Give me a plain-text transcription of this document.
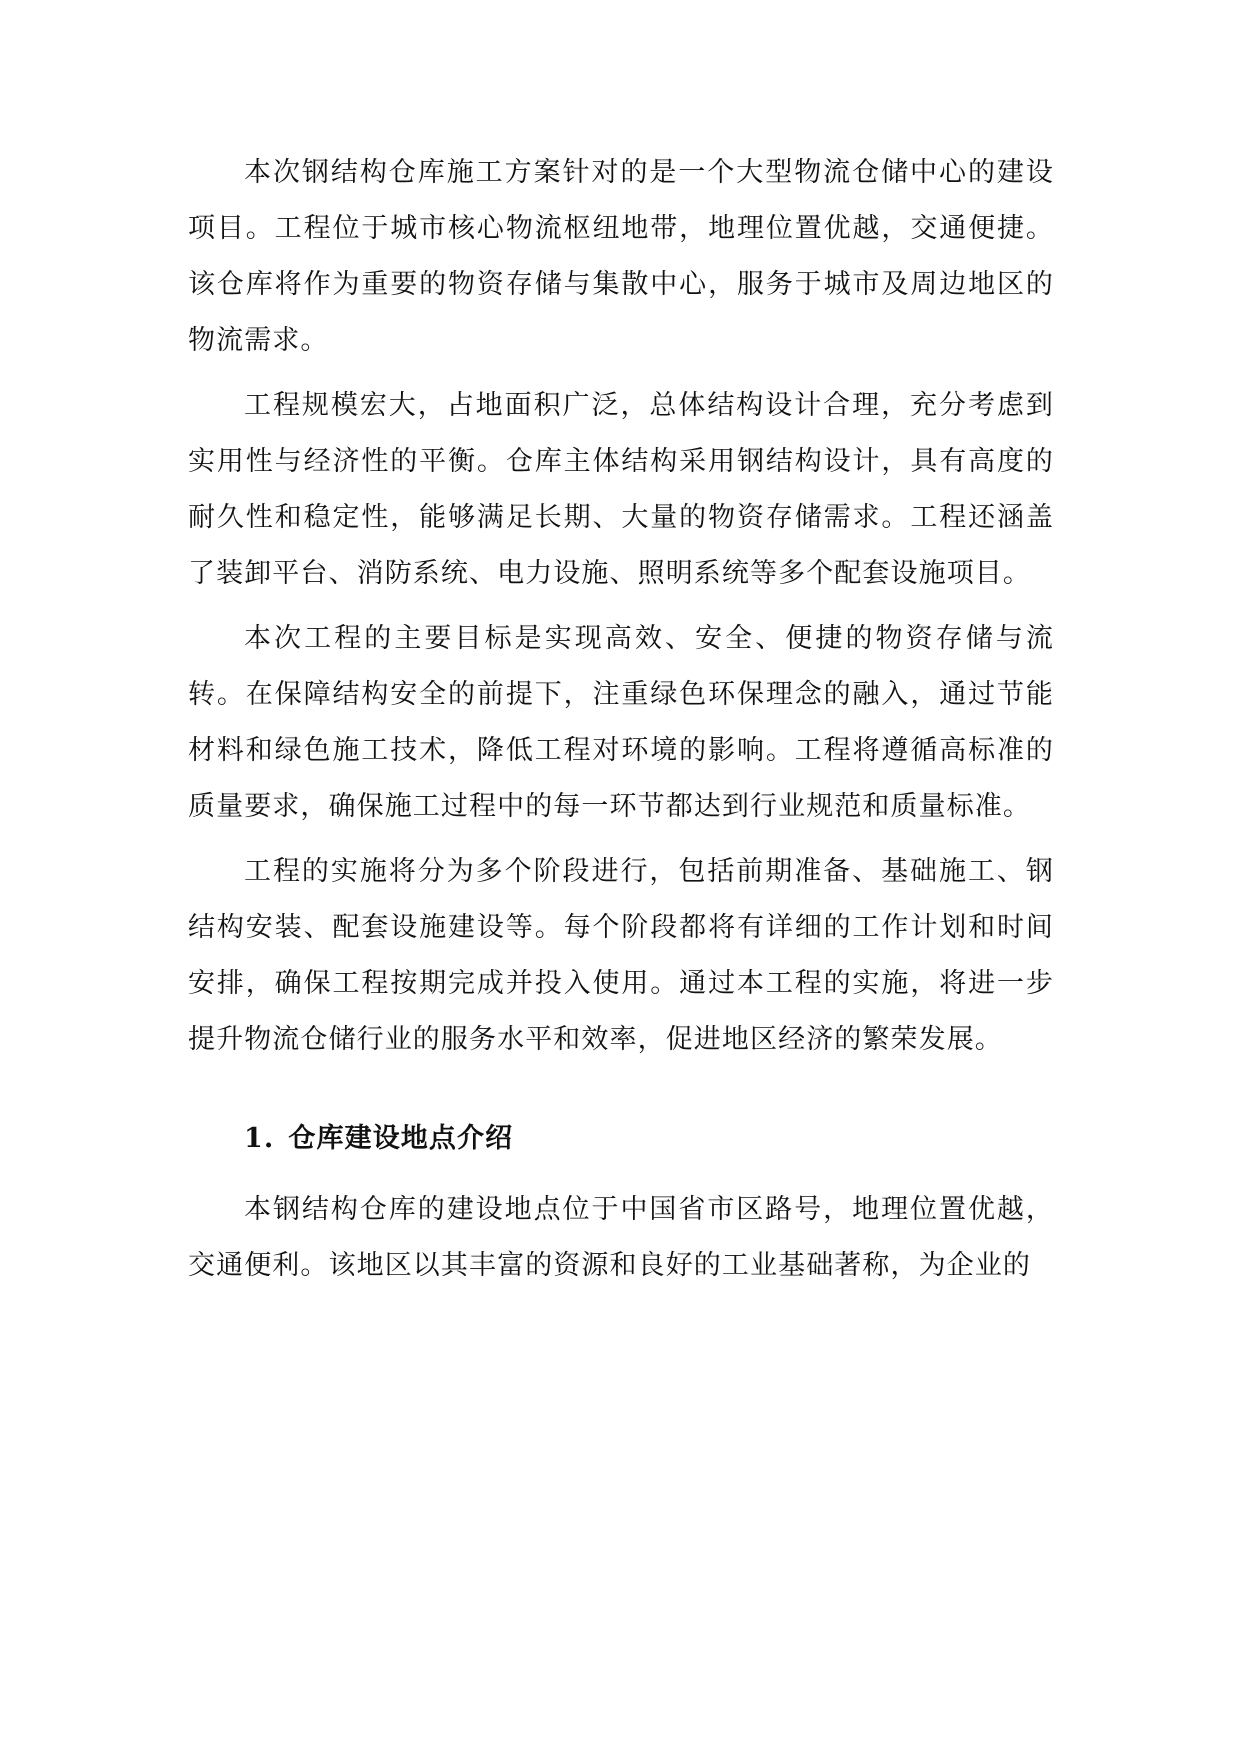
本次钢结构仓库施工方案针对的是一个大型物流仓储中心的建设项目。工程位于城市核心物流枢纽地带，地理位置优越，交通便捷。该仓库将作为重要的物资存储与集散中心，服务于城市及周边地区的物流需求。

工程规模宏大，占地面积广泛，总体结构设计合理，充分考虑到实用性与经济性的平衡。仓库主体结构采用钢结构设计，具有高度的耐久性和稳定性，能够满足长期、大量的物资存储需求。工程还涵盖了装卸平台、消防系统、电力设施、照明系统等多个配套设施项目。

本次工程的主要目标是实现高效、安全、便捷的物资存储与流转。在保障结构安全的前提下，注重绿色环保理念的融入，通过节能材料和绿色施工技术，降低工程对环境的影响。工程将遵循高标准的质量要求，确保施工过程中的每一环节都达到行业规范和质量标准。

工程的实施将分为多个阶段进行，包括前期准备、基础施工、钢结构安装、配套设施建设等。每个阶段都将有详细的工作计划和时间安排，确保工程按期完成并投入使用。通过本工程的实施，将进一步提升物流仓储行业的服务水平和效率，促进地区经济的繁荣发展。

1. 仓库建设地点介绍

本钢结构仓库的建设地点位于中国省市区路号，地理位置优越，交通便利。该地区以其丰富的资源和良好的工业基础著称，为企业的
